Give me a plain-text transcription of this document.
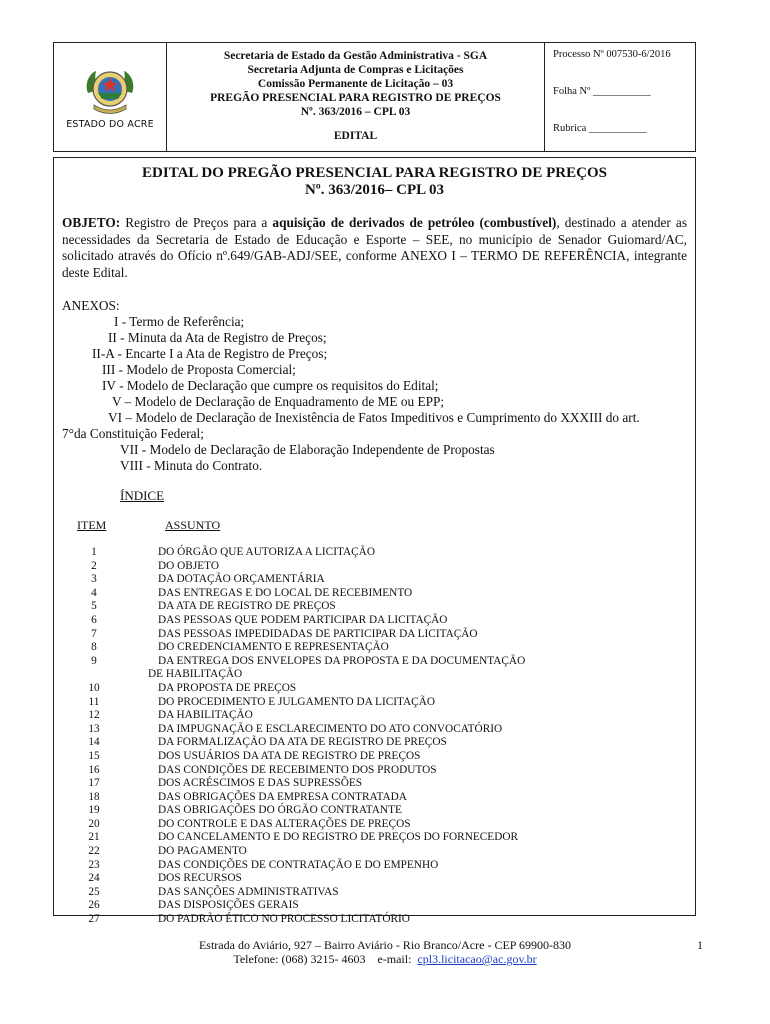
ESTADO DO ACRE
Secretaria de Estado da Gestão Administrativa - SGA
Secretaria Adjunta de Compras e Licitações
Comissão Permanente de Licitação – 03
PREGÃO PRESENCIAL PARA REGISTRO DE PREÇOS
Nº. 363/2016 – CPL 03
EDITAL
Processo Nº 007530-6/2016
Folha Nº ___________
Rubrica ___________
EDITAL DO PREGÃO PRESENCIAL PARA REGISTRO DE PREÇOS
Nº. 363/2016– CPL 03
OBJETO: Registro de Preços para a aquisição de derivados de petróleo (combustível), destinado a atender as necessidades da Secretaria de Estado de Educação e Esporte – SEE, no município de Senador Guiomard/AC, solicitado através do Ofício nº.649/GAB-ADJ/SEE, conforme ANEXO I – TERMO DE REFERÊNCIA, integrante deste Edital.
ANEXOS:
I - Termo de Referência;
II - Minuta da Ata de Registro de Preços;
II-A - Encarte I a Ata de Registro de Preços;
III - Modelo de Proposta Comercial;
IV - Modelo de Declaração que cumpre os requisitos do Edital;
V – Modelo de Declaração de Enquadramento de ME ou EPP;
VI – Modelo de Declaração de Inexistência de Fatos Impeditivos e Cumprimento do XXXIII do art.
7°da Constituição Federal;
VII - Modelo de Declaração de Elaboração Independente de Propostas
VIII - Minuta do Contrato.
ÍNDICE
ITEM	ASSUNTO
1	DO ÓRGÃO QUE AUTORIZA A LICITAÇÃO
2	DO OBJETO
3	DA DOTAÇÃO ORÇAMENTÁRIA
4	DAS ENTREGAS E DO LOCAL DE RECEBIMENTO
5	DA ATA DE REGISTRO DE PREÇOS
6	DAS PESSOAS QUE PODEM PARTICIPAR DA LICITAÇÃO
7	DAS PESSOAS IMPEDIDADAS DE PARTICIPAR DA LICITAÇÃO
8	DO CREDENCIAMENTO E REPRESENTAÇÃO
9	DA ENTREGA DOS ENVELOPES DA PROPOSTA E DA DOCUMENTAÇÃO
DE HABILITAÇÃO
10	DA PROPOSTA DE PREÇOS
11	DO PROCEDIMENTO E JULGAMENTO DA LICITAÇÃO
12	DA HABILITAÇÃO
13	DA IMPUGNAÇÃO E ESCLARECIMENTO DO ATO CONVOCATÓRIO
14	DA FORMALIZAÇÃO DA ATA DE REGISTRO DE PREÇOS
15	DOS USUÁRIOS DA ATA DE REGISTRO DE PREÇOS
16	DAS CONDIÇÕES DE RECEBIMENTO DOS PRODUTOS
17	DOS ACRÉSCIMOS E DAS SUPRESSÕES
18	DAS OBRIGAÇÕES DA EMPRESA CONTRATADA
19	DAS OBRIGAÇÕES DO ÓRGÃO CONTRATANTE
20	DO CONTROLE E DAS ALTERAÇÕES DE PREÇOS
21	DO CANCELAMENTO E DO REGISTRO DE PREÇOS DO FORNECEDOR
22	DO PAGAMENTO
23	DAS CONDIÇÕES DE CONTRATAÇÃO E DO EMPENHO
24	DOS RECURSOS
25	DAS SANÇÕES ADMINISTRATIVAS
26	DAS DISPOSIÇÕES GERAIS
27	DO PADRÃO ÉTICO NO PROCESSO LICITATÓRIO
Estrada do Aviário, 927 – Bairro Aviário - Rio Branco/Acre - CEP 69900-830
Telefone: (068) 3215- 4603    e-mail:  cpl3.licitacao@ac.gov.br
1
